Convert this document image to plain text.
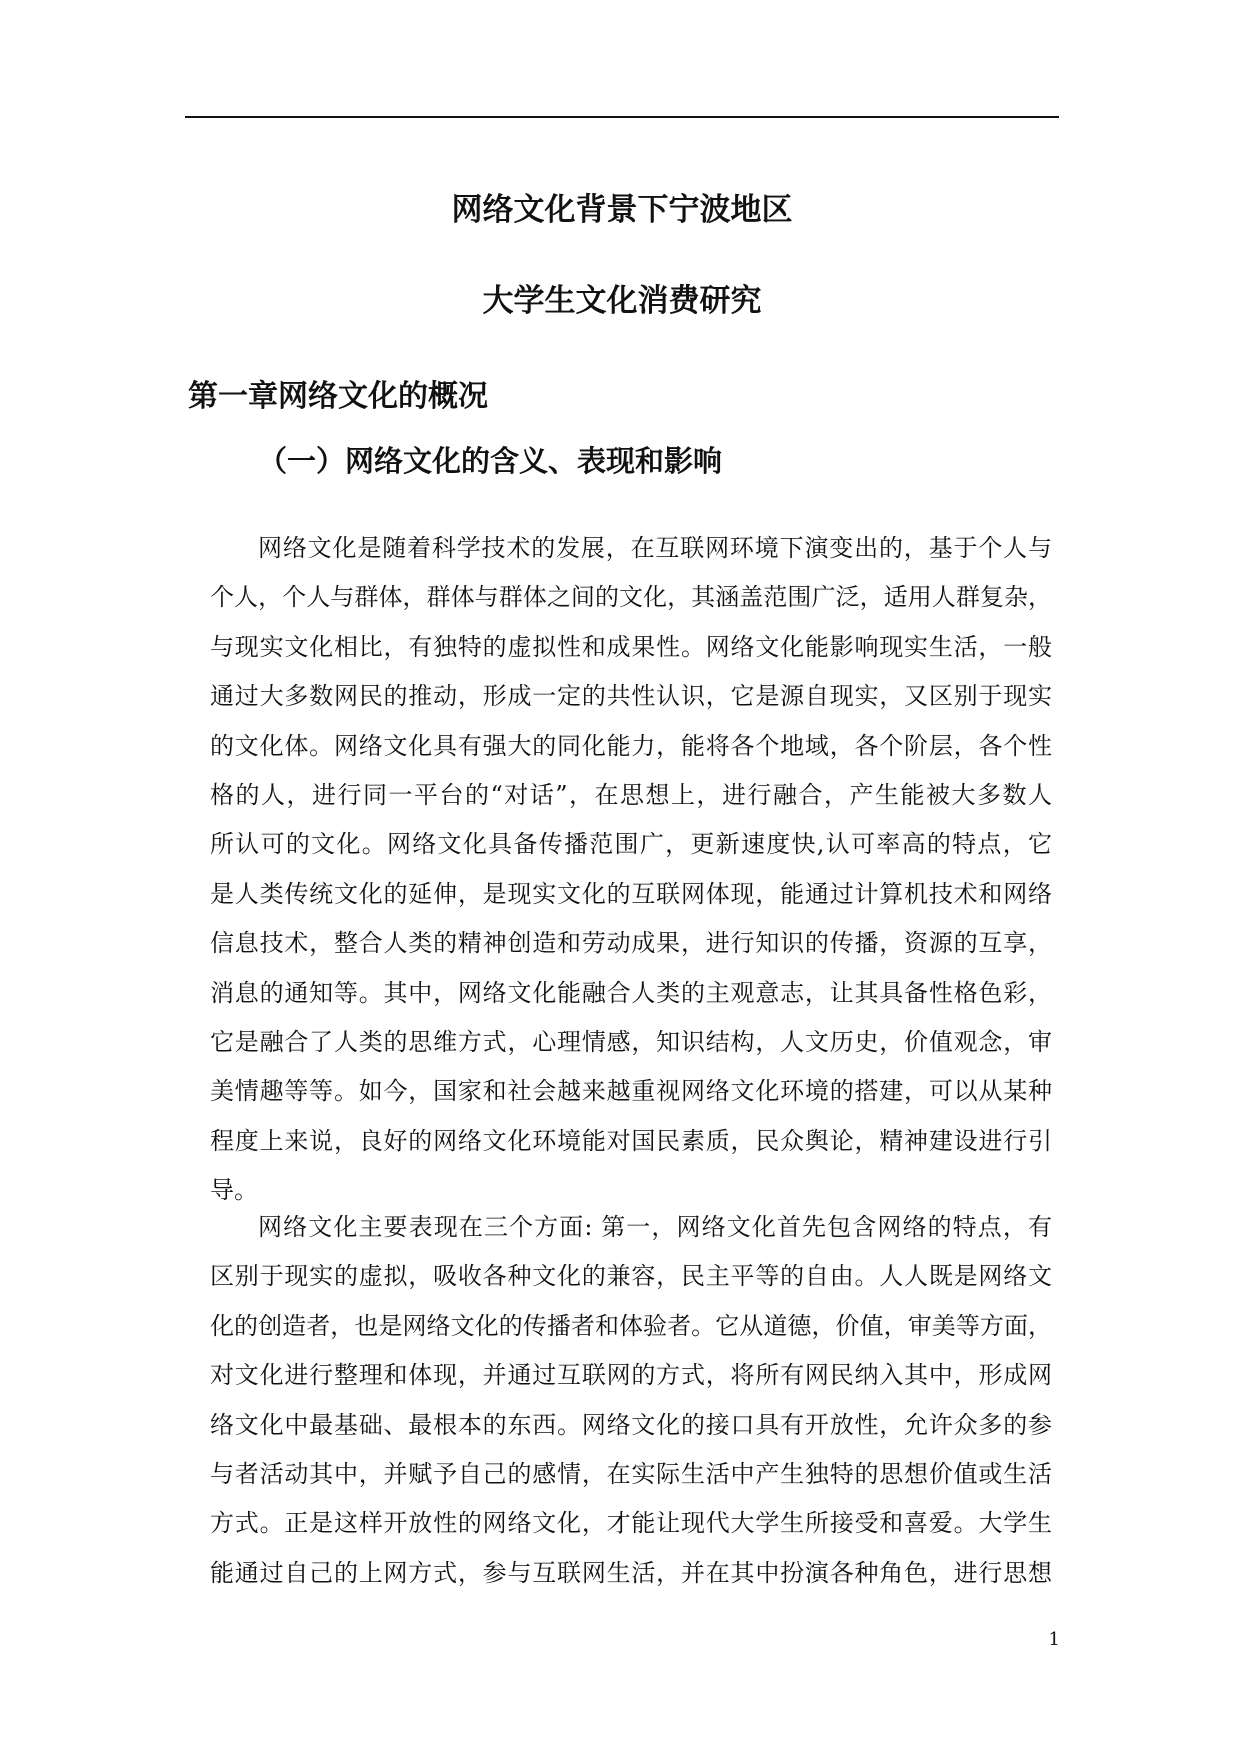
网络文化背景下宁波地区
大学生文化消费研究
第一章网络文化的概况
（一）网络文化的含义、表现和影响
网络文化是随着科学技术的发展，在互联网环境下演变出的，基于个人与
个人，个人与群体，群体与群体之间的文化，其涵盖范围广泛，适用人群复杂，
与现实文化相比，有独特的虚拟性和成果性。网络文化能影响现实生活，一般
通过大多数网民的推动，形成一定的共性认识，它是源自现实，又区别于现实
的文化体。网络文化具有强大的同化能力，能将各个地域，各个阶层，各个性
格的人，进行同一平台的“对话”，在思想上，进行融合，产生能被大多数人
所认可的文化。网络文化具备传播范围广，更新速度快,认可率高的特点，它
是人类传统文化的延伸，是现实文化的互联网体现，能通过计算机技术和网络
信息技术，整合人类的精神创造和劳动成果，进行知识的传播，资源的互享，
消息的通知等。其中，网络文化能融合人类的主观意志，让其具备性格色彩，
它是融合了人类的思维方式，心理情感，知识结构，人文历史，价值观念，审
美情趣等等。如今，国家和社会越来越重视网络文化环境的搭建，可以从某种
程度上来说，良好的网络文化环境能对国民素质，民众舆论，精神建设进行引
导。
网络文化主要表现在三个方面: 第一，网络文化首先包含网络的特点，有
区别于现实的虚拟，吸收各种文化的兼容，民主平等的自由。人人既是网络文
化的创造者，也是网络文化的传播者和体验者。它从道德，价值，审美等方面，
对文化进行整理和体现，并通过互联网的方式，将所有网民纳入其中，形成网
络文化中最基础、最根本的东西。网络文化的接口具有开放性，允许众多的参
与者活动其中，并赋予自己的感情，在实际生活中产生独特的思想价值或生活
方式。正是这样开放性的网络文化，才能让现代大学生所接受和喜爱。大学生
能通过自己的上网方式，参与互联网生活，并在其中扮演各种角色，进行思想
1
